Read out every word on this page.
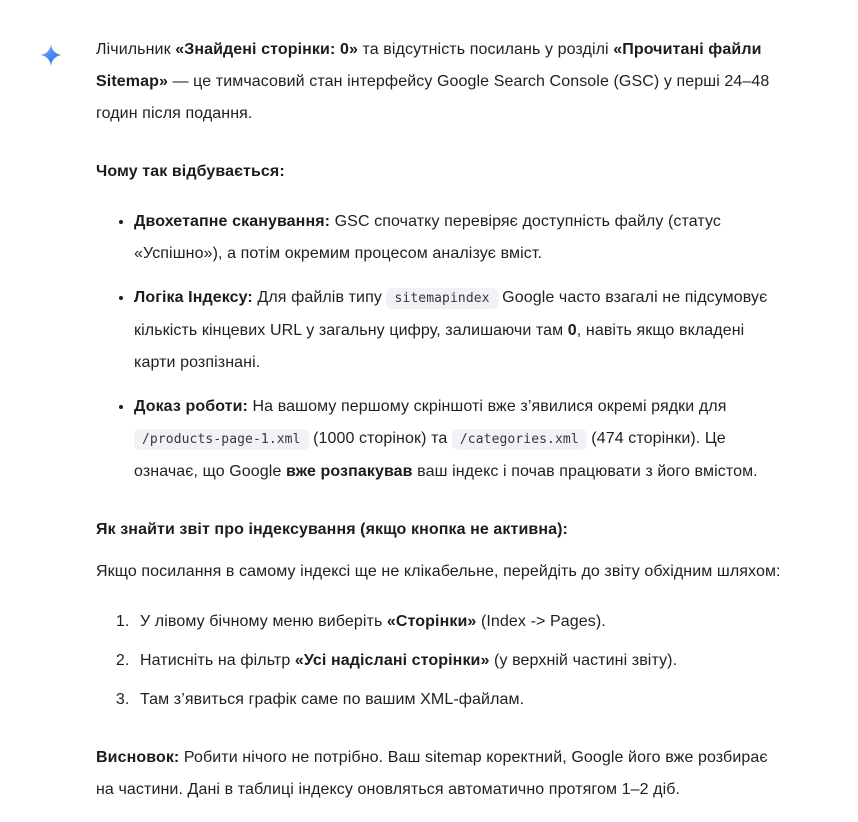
Лічильник «Знайдені сторінки: 0» та відсутність посилань у розділі «Прочитані файли Sitemap» — це тимчасовий стан інтерфейсу Google Search Console (GSC) у перші 24–48 годин після подання.

Чому так відбувається:

• Двохетапне сканування: GSC спочатку перевіряє доступність файлу (статус «Успішно»), а потім окремим процесом аналізує вміст.
• Логіка Індексу: Для файлів типу sitemapindex Google часто взагалі не підсумовує кількість кінцевих URL у загальну цифру, залишаючи там 0, навіть якщо вкладені карти розпізнані.
• Доказ роботи: На вашому першому скріншоті вже з’явилися окремі рядки для /products-page-1.xml (1000 сторінок) та /categories.xml (474 сторінки). Це означає, що Google вже розпакував ваш індекс і почав працювати з його вмістом.

Як знайти звіт про індексування (якщо кнопка не активна):

Якщо посилання в самому індексі ще не клікабельне, перейдіть до звіту обхідним шляхом:

1. У лівому бічному меню виберіть «Сторінки» (Index -> Pages).
2. Натисніть на фільтр «Усі надіслані сторінки» (у верхній частині звіту).
3. Там з’явиться графік саме по вашим XML-файлам.

Висновок: Робити нічого не потрібно. Ваш sitemap коректний, Google його вже розбирає на частини. Дані в таблиці індексу оновляться автоматично протягом 1–2 діб.
